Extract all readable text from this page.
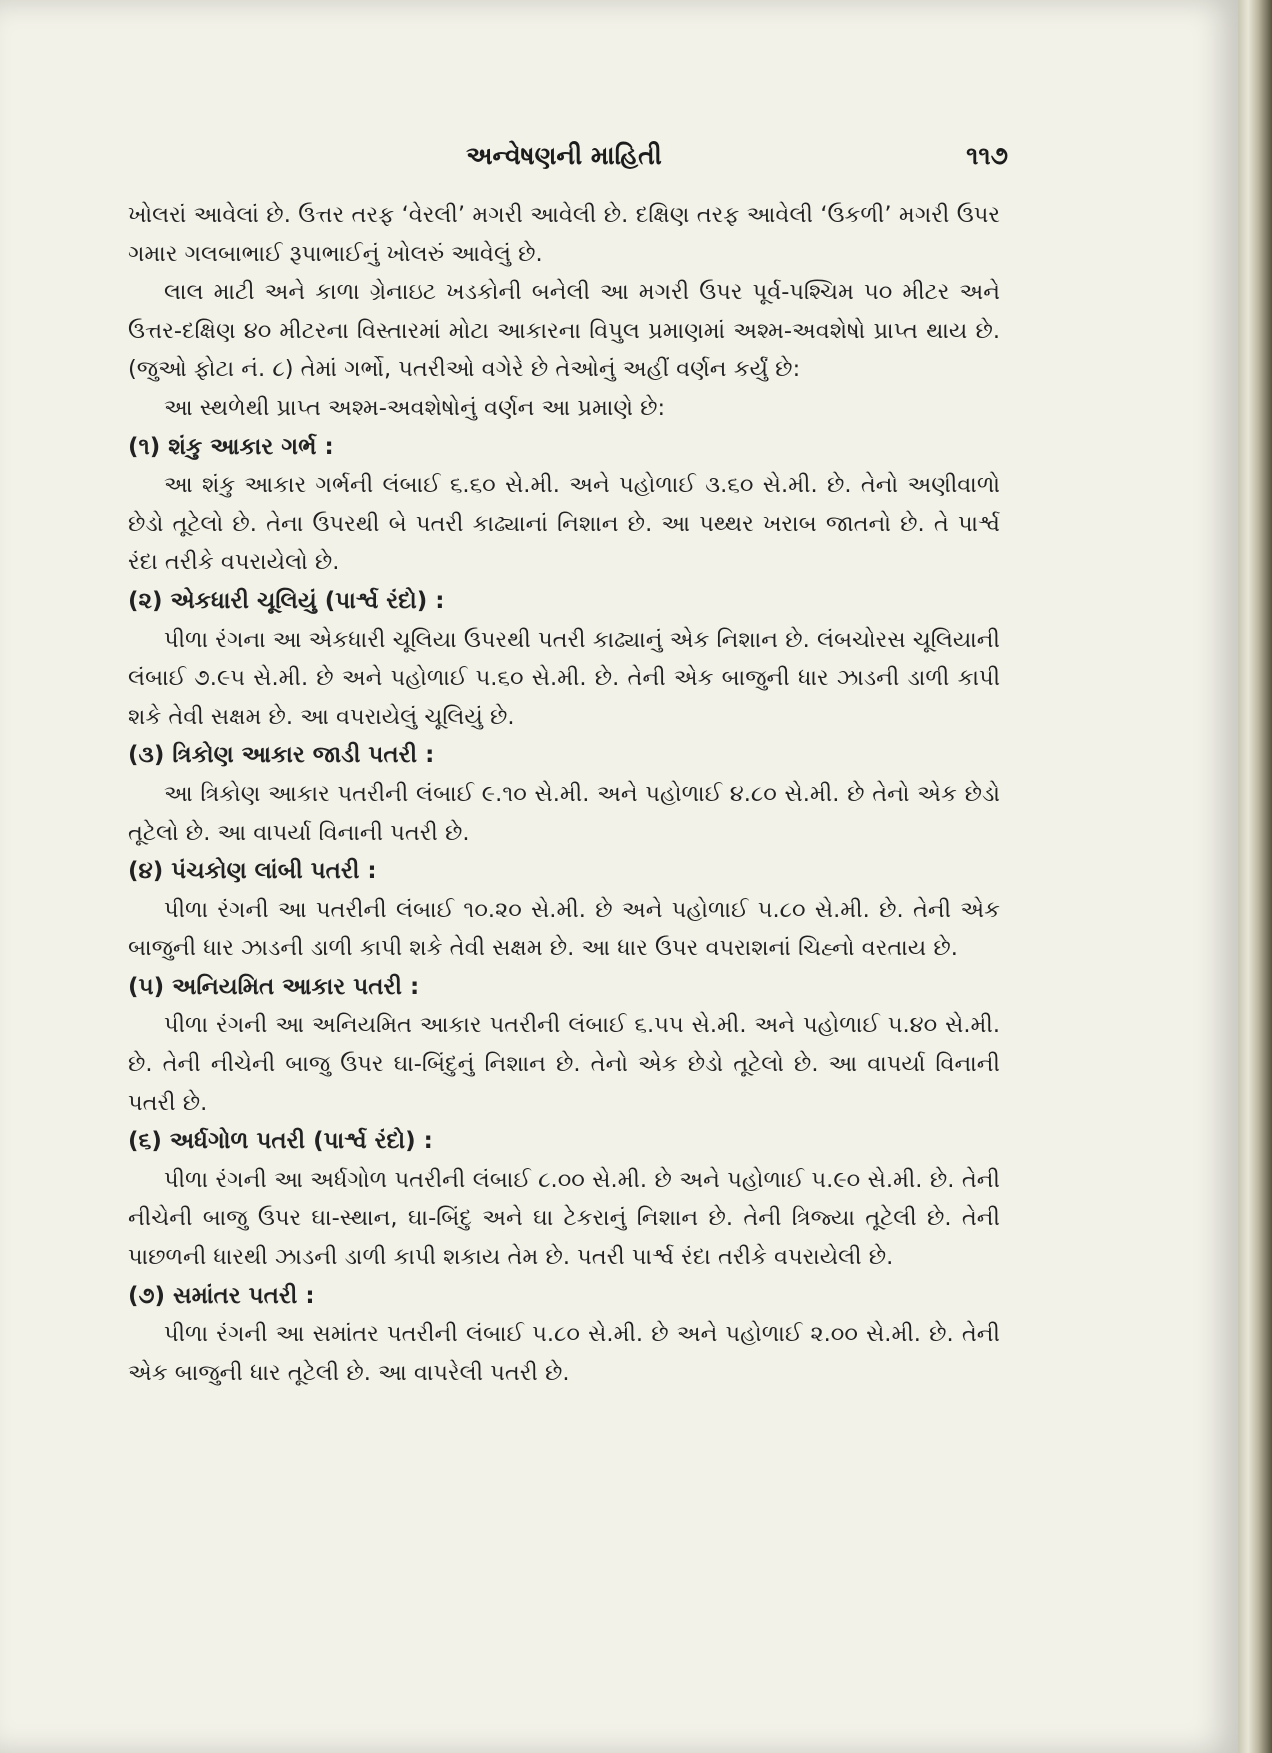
અન્વેષણની માહિતી	૧૧૭

ખોલરાં આવેલાં છે. ઉત્તર તરફ ‘વેરલી’ મગરી આવેલી છે. દક્ષિણ તરફ આવેલી ‘ઉકળી’ મગરી ઉપર ગમાર ગલબાભાઈ રૂપાભાઈનું ખોલરું આવેલું છે.

લાલ માટી અને કાળા ગ્રેનાઇટ ખડકોની બનેલી આ મગરી ઉપર પૂર્વ-પશ્ચિમ ૫૦ મીટર અને ઉત્તર-દક્ષિણ ૪૦ મીટરના વિસ્તારમાં મોટા આકારના વિપુલ પ્રમાણમાં અશ્મ-અવશેષો પ્રાપ્ત થાય છે. (જુઓ ફોટા નં. ૮) તેમાં ગર્ભો, પતરીઓ વગેરે છે તેઓનું અહીં વર્ણન કર્યું છે:

આ સ્થળેથી પ્રાપ્ત અશ્મ-અવશેષોનું વર્ણન આ પ્રમાણે છે:

(૧) શંકુ આકાર ગર્ભ :

આ શંકુ આકાર ગર્ભની લંબાઈ ૬.૬૦ સે.મી. અને પહોળાઈ ૩.૬૦ સે.મી. છે. તેનો અણીવાળો છેડો તૂટેલો છે. તેના ઉપરથી બે પતરી કાઢ્યાનાં નિશાન છે. આ પથ્થર ખરાબ જાતનો છે. તે પાર્શ્વ રંદા તરીકે વપરાયેલો છે.

(૨) એકધારી ચૂલિયું (પાર્શ્વ રંદો) :

પીળા રંગના આ એકધારી ચૂલિયા ઉપરથી પતરી કાઢ્યાનું એક નિશાન છે. લંબચોરસ ચૂલિયાની લંબાઈ ૭.૯૫ સે.મી. છે અને પહોળાઈ ૫.૬૦ સે.મી. છે. તેની એક બાજુની ધાર ઝાડની ડાળી કાપી શકે તેવી સક્ષમ છે. આ વપરાયેલું ચૂલિયું છે.

(૩) ત્રિકોણ આકાર જાડી પતરી :

આ ત્રિકોણ આકાર પતરીની લંબાઈ ૯.૧૦ સે.મી. અને પહોળાઈ ૪.૮૦ સે.મી. છે તેનો એક છેડો તૂટેલો છે. આ વાપર્યા વિનાની પતરી છે.

(૪) પંચકોણ લાંબી પતરી :

પીળા રંગની આ પતરીની લંબાઈ ૧૦.૨૦ સે.મી. છે અને પહોળાઈ ૫.૮૦ સે.મી. છે. તેની એક બાજુની ધાર ઝાડની ડાળી કાપી શકે તેવી સક્ષમ છે. આ ધાર ઉપર વપરાશનાં ચિહ્નો વરતાય છે.

(૫) અનિયમિત આકાર પતરી :

પીળા રંગની આ અનિયમિત આકાર પતરીની લંબાઈ ૬.૫૫ સે.મી. અને પહોળાઈ ૫.૪૦ સે.મી. છે. તેની નીચેની બાજુ ઉપર ઘા-બિંદુનું નિશાન છે. તેનો એક છેડો તૂટેલો છે. આ વાપર્યા વિનાની પતરી છે.

(૬) અર્ધગોળ પતરી (પાર્શ્વ રંદો) :

પીળા રંગની આ અર્ધગોળ પતરીની લંબાઈ ૮.૦૦ સે.મી. છે અને પહોળાઈ ૫.૯૦ સે.મી. છે. તેની નીચેની બાજુ ઉપર ઘા-સ્થાન, ઘા-બિંદુ અને ઘા ટેકરાનું નિશાન છે. તેની ત્રિજ્યા તૂટેલી છે. તેની પાછળની ધારથી ઝાડની ડાળી કાપી શકાય તેમ છે. પતરી પાર્શ્વ રંદા તરીકે વપરાયેલી છે.

(૭) સમાંતર પતરી :

પીળા રંગની આ સમાંતર પતરીની લંબાઈ ૫.૮૦ સે.મી. છે અને પહોળાઈ ૨.૦૦ સે.મી. છે. તેની એક બાજુની ધાર તૂટેલી છે. આ વાપરેલી પતરી છે.
